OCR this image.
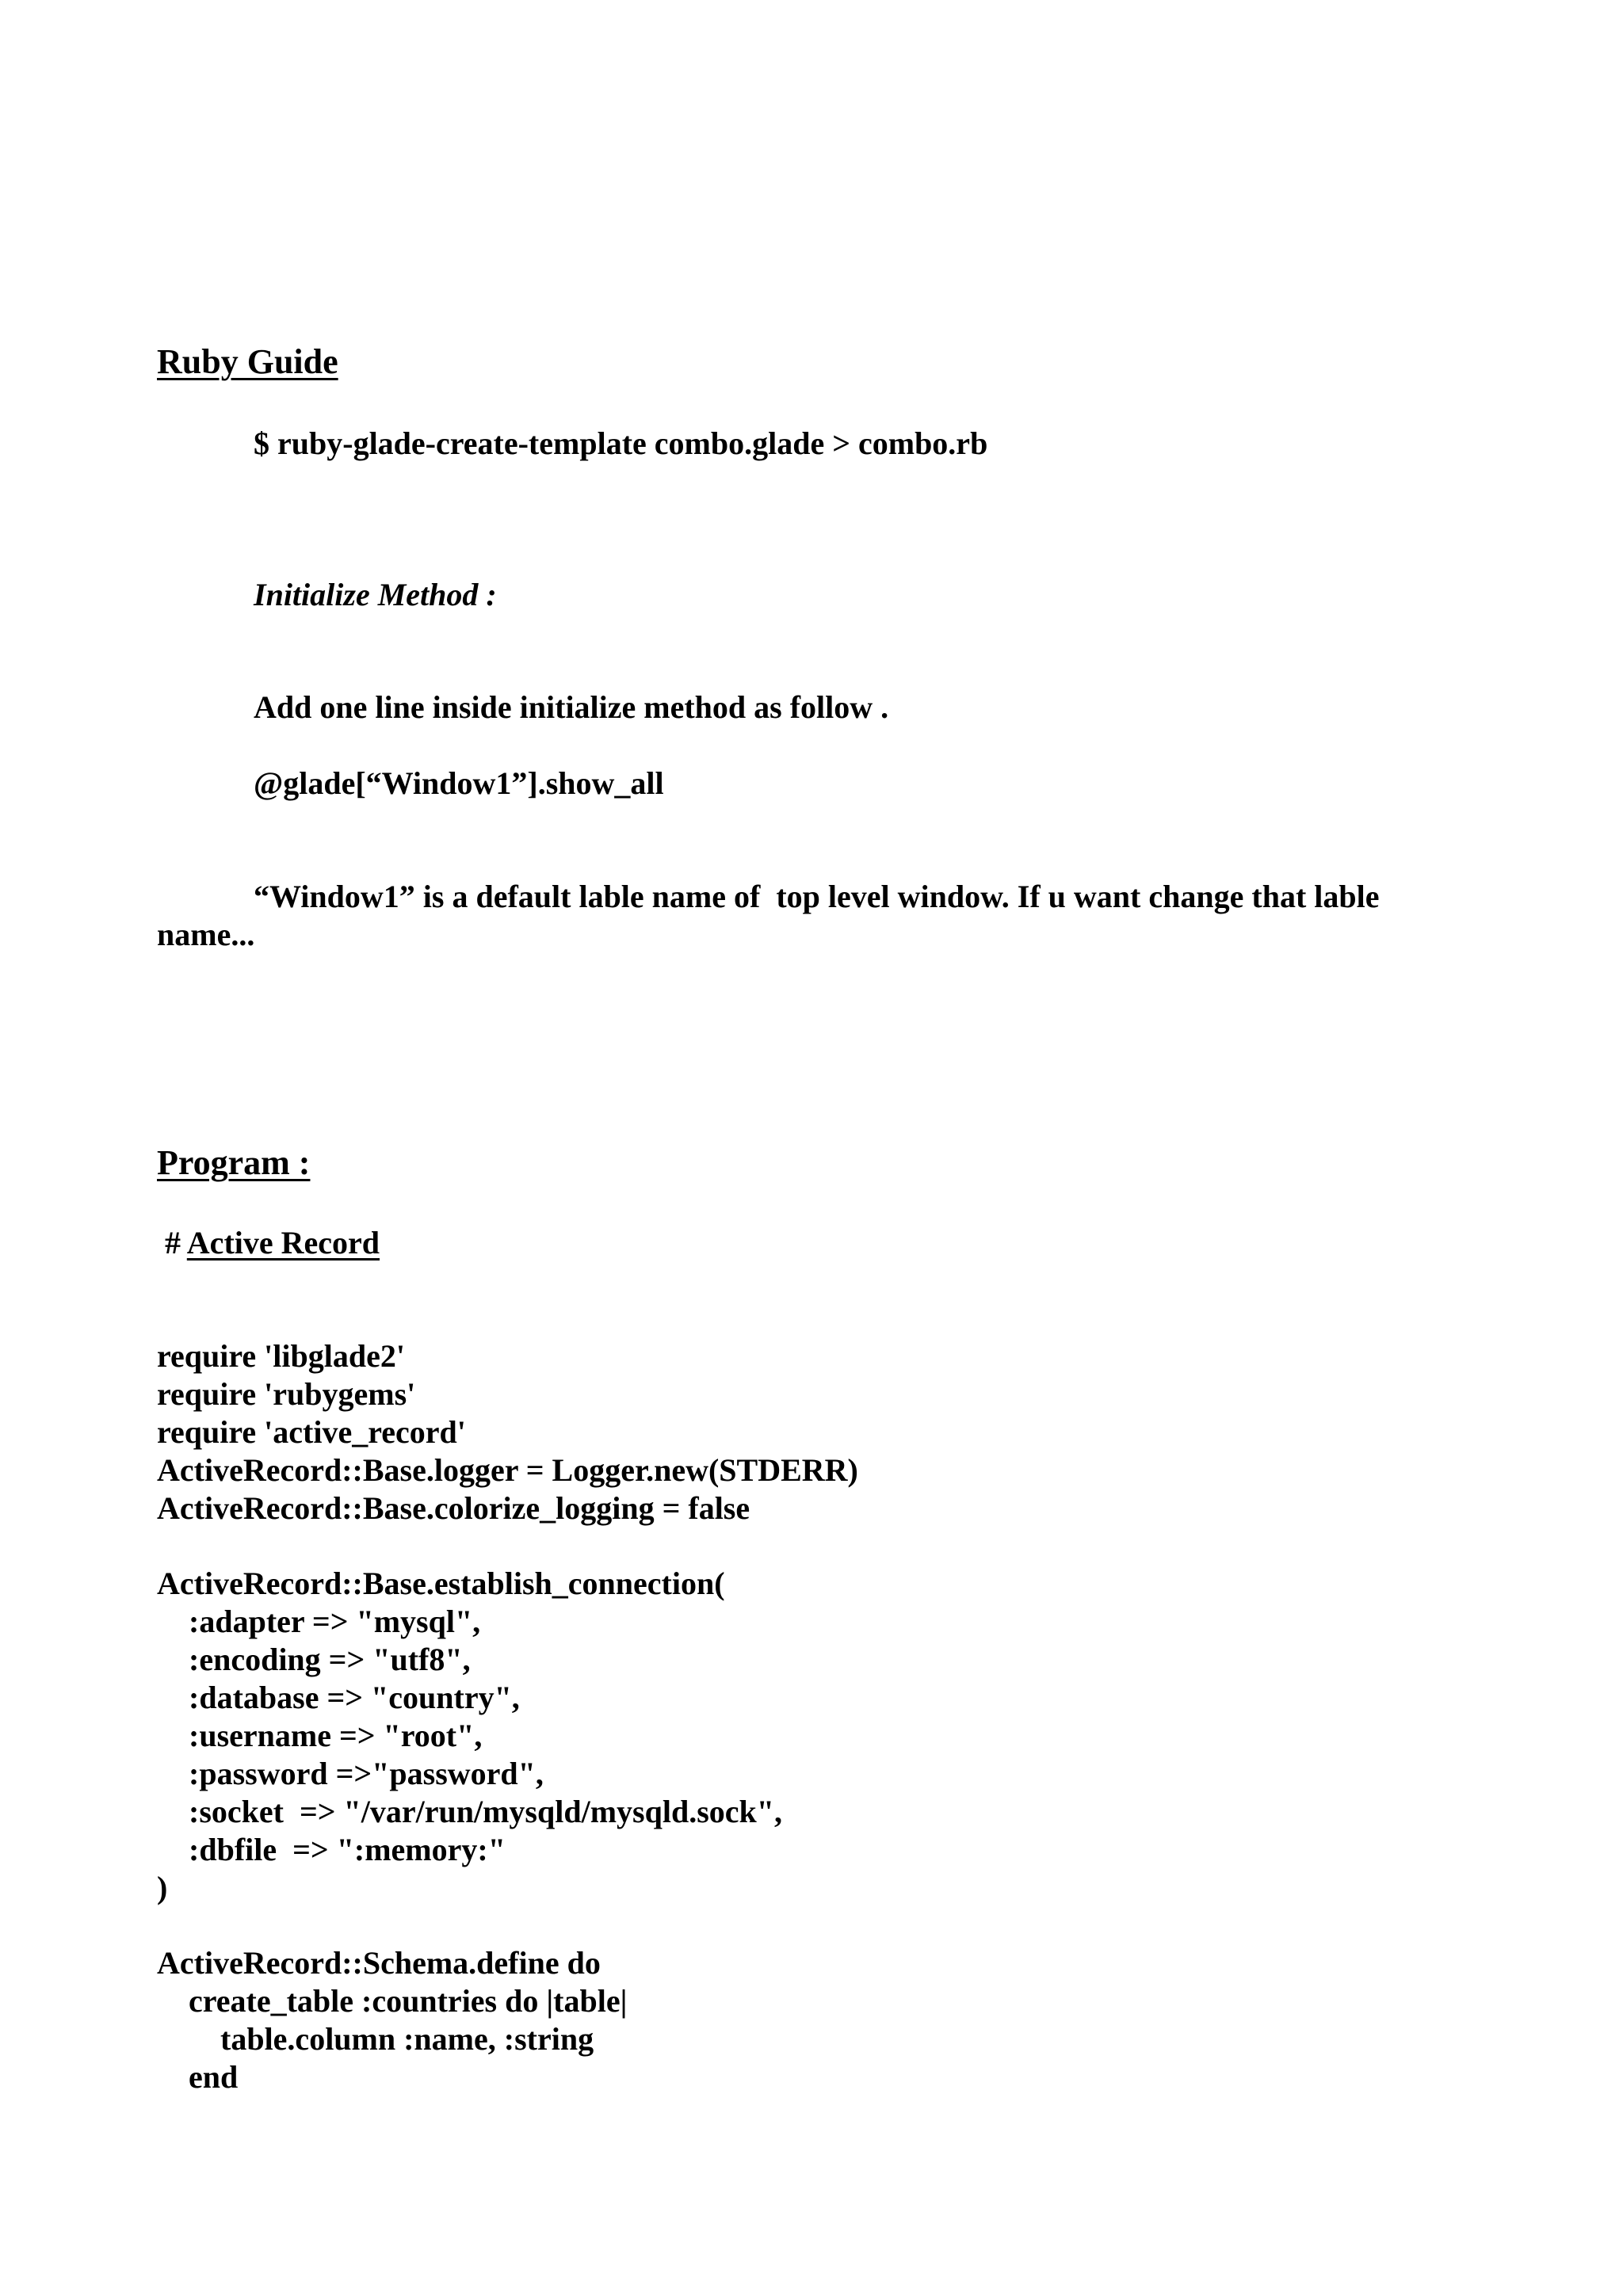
Ruby Guide

$ ruby-glade-create-template combo.glade > combo.rb

Initialize Method :

Add one line inside initialize method as follow .

@glade[“Window1”].show_all

“Window1” is a default lable name of  top level window. If u want change that lable

name...

Program :

# Active Record

require 'libglade2'

require 'rubygems'

require 'active_record'

ActiveRecord::Base.logger = Logger.new(STDERR)

ActiveRecord::Base.colorize_logging = false

ActiveRecord::Base.establish_connection(

:adapter => "mysql",

:encoding => "utf8",

:database => "country",

:username => "root",

:password =>"password",

:socket  => "/var/run/mysqld/mysqld.sock",

:dbfile  => ":memory:"

)

ActiveRecord::Schema.define do

create_table :countries do |table|

table.column :name, :string

end
